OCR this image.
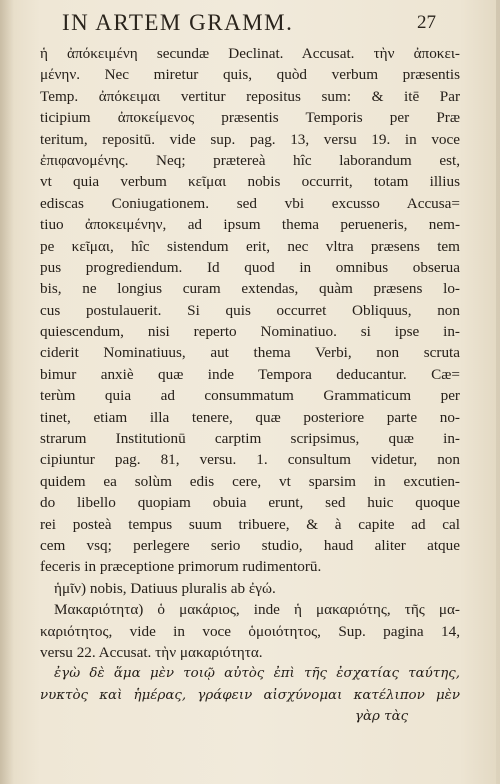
IN ARTEM GRAMM.	27
ἡ ἀπόκειμένη secundæ Declinat. Accusat. τὴν ἀποκει-
μένην. Nec miretur quis, quòd verbum præsentis
Temp. ἀπόκειμαι vertitur repositus sum: & itē Par
ticipium ἀποκείμενος præsentis Temporis per Præ
teritum, repositū. vide sup. pag. 13, versu 19. in voce
ἐπιφανομένης. Neq; prætereà hîc laborandum est,
vt quia verbum κεῖμαι nobis occurrit, totam illius
ediscas Coniugationem. sed vbi excusso Accusa=
tiuo ἀποκειμένην, ad ipsum thema perueneris, nem-
pe κεῖμαι, hîc sistendum erit, nec vltra præsens tem
pus progrediendum. Id quod in omnibus obserua
bis, ne longius curam extendas, quàm præsens lo-
cus postulauerit. Si quis occurret Obliquus, non
quiescendum, nisi reperto Nominatiuo. si ipse in-
ciderit Nominatiuus, aut thema Verbi, non scruta
bimur anxiè quæ inde Tempora deducantur. Cæ=
terùm quia ad consummatum Grammaticum per
tinet, etiam illa tenere, quæ posteriore parte no-
strarum Institutionū carptim scripsimus, quæ in-
cipiuntur pag. 81, versu. 1. consultum videtur, non
quidem ea solùm edis cere, vt sparsim in excutien-
do libello quopiam obuia erunt, sed huic quoque
rei posteà tempus suum tribuere, & à capite ad cal
cem vsq; perlegere serio studio, haud aliter atque
feceris in præceptione primorum rudimentorū.
ἡμῖν) nobis, Datiuus pluralis ab ἐγώ.
Μακαριότητα) ὁ μακάριος, inde ἡ μακαριότης, τῆς μα-
καριότητος, vide in voce ὁμοιότητος, Sup. pagina 14,
versu 22. Accusat. τὴν μακαριότητα.
ἐγὼ δὲ ἅμα μὲν τοιῷ αὐτὸς ἐπὶ τῆς ἐσχατίας ταύτης,
νυκτὸς καὶ ἡμέρας, γράφειν αἰσχύνομαι κατέλιπον μὲν
γὰρ τὰς
